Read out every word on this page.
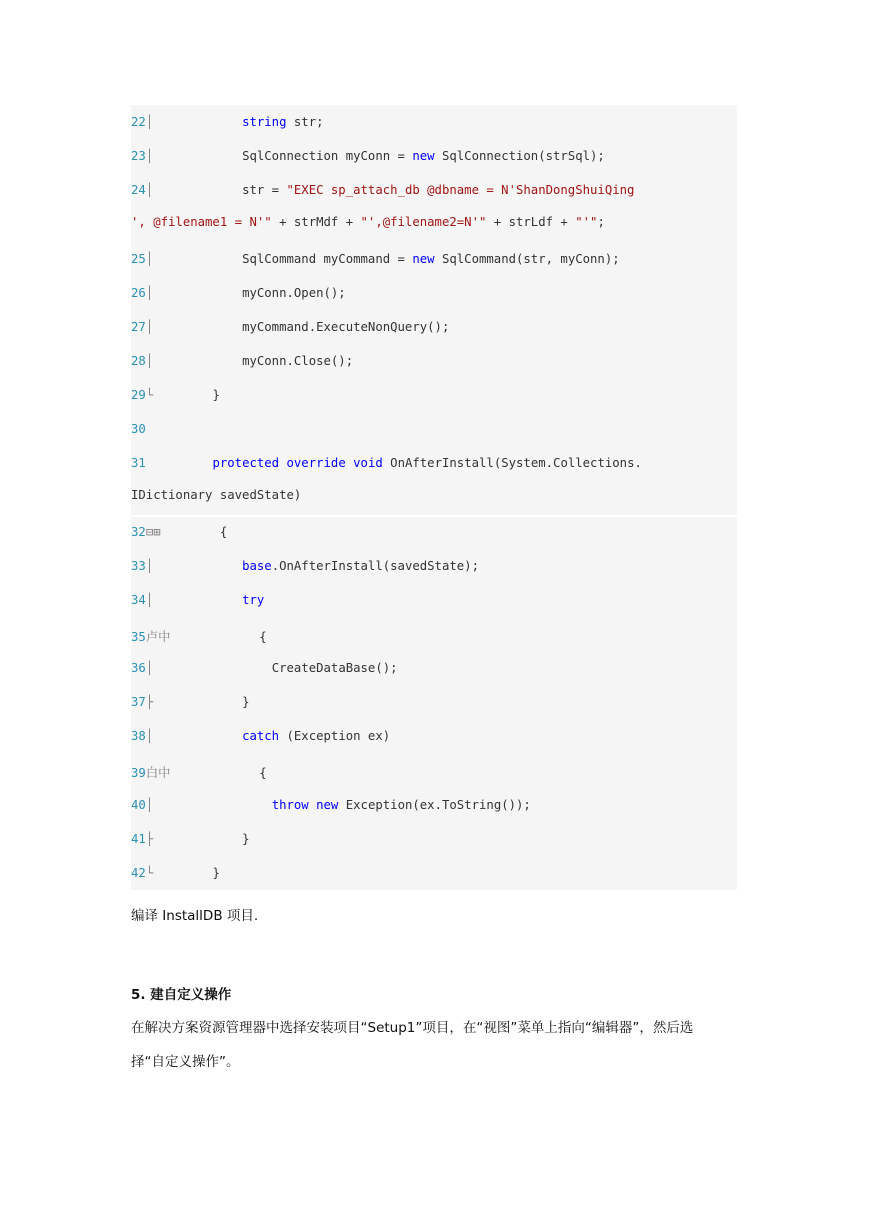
22│	string str;
23│	SqlConnection myConn = new SqlConnection(strSql);
24│	str = "EXEC sp_attach_db @dbname = N'ShanDongShuiQing
', @filename1 = N'" + strMdf + "',@filename2=N'" + strLdf + "'";
25│	SqlCommand myCommand = new SqlCommand(str, myConn);
26│	myConn.Open();
27│	myCommand.ExecuteNonQuery();
28│	myConn.Close();
29└	}
30
31	protected override void OnAfterInstall(System.Collections.
IDictionary savedState)
32⊟⊞	{
33│	base.OnAfterInstall(savedState);
34│	try
35卢中	{
36│	CreateDataBase();
37├	}
38│	catch (Exception ex)
39白中	{
40│	throw new Exception(ex.ToString());
41├	}
42└	}
编译 InstallDB 项目.
5. 建自定义操作
在解决方案资源管理器中选择安装项目“Setup1”项目，在“视图”菜单上指向“编辑器”，然后选
择“自定义操作”。
